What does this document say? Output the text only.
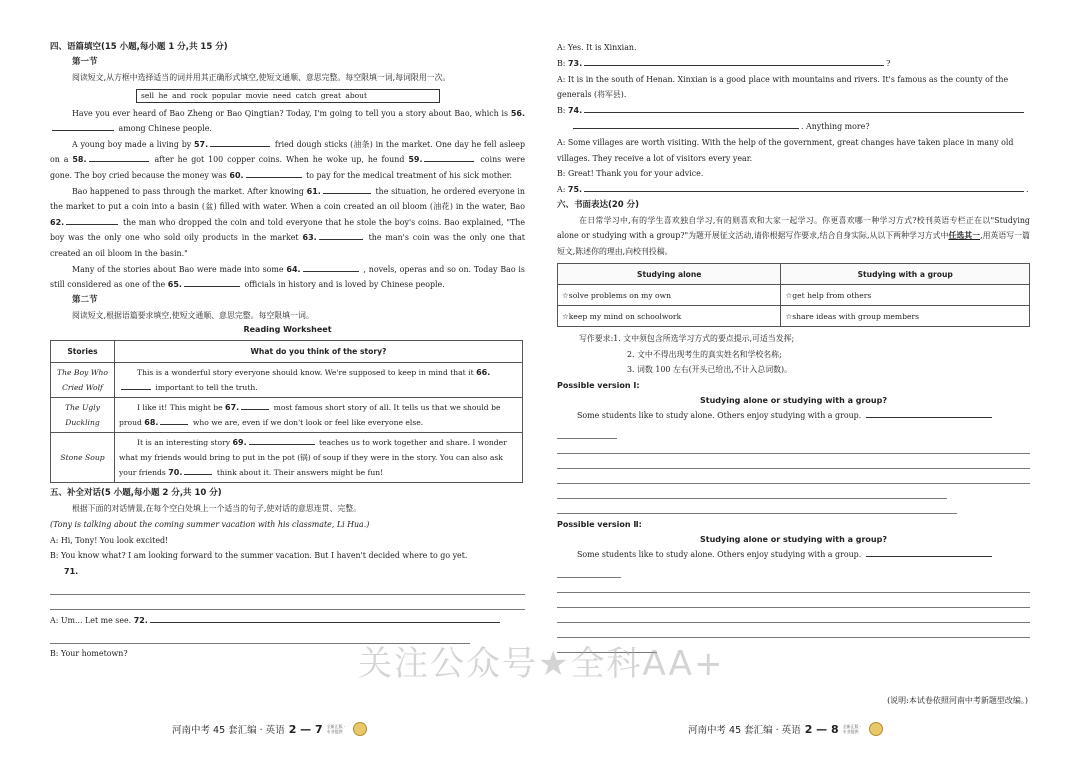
四、语篇填空(15 小题,每小题 1 分,共 15 分)
第一节

阅读短文,从方框中选择适当的词并用其正确形式填空,使短文通顺、意思完整。每空限填一词,每词限用一次。

sell he and rock popular movie need catch great about

Have you ever heard of Bao Zheng or Bao Qingtian? Today, I'm going to tell you a story about Bao, which is 56. among Chinese people.

A young boy made a living by 57.	fried dough sticks (油条) in the market. One day he fell asleep on a 58.	after he got 100 copper coins. When he woke up, he found 59.	coins were gone. The boy cried because the money was 60.	to pay for the medical treatment of his sick mother.

Bao happened to pass through the market. After knowing 61.	the situation, he ordered everyone in the market to put a coin into a basin (盆) filled with water. When a coin created an oil bloom (油花) in the water, Bao 62.	the man who dropped the coin and told everyone that he stole the boy's coins. Bao explained, "The boy was the only one who sold oily products in the market 63.	the man's coin was the only one that created an oil bloom in the basin."

Many of the stories about Bao were made into some 64.	, novels, operas and so on. Today Bao is still considered as one of the 65.	officials in history and is loved by Chinese people.

第二节

阅读短文,根据语篇要求填空,使短文通顺、意思完整。每空限填一词。

Reading Worksheet
Stories	What do you think of the story?
The Boy Who Cried Wolf	This is a wonderful story everyone should know. We're supposed to keep in mind that it 66. important to tell the truth.
The Ugly Duckling	I like it! This might be 67. most famous short story of all. It tells us that we should be proud 68. who we are, even if we don't look or feel like everyone else.
Stone Soup	It is an interesting story 69. teaches us to work together and share. I wonder what my friends would bring to put in the pot (锅) of soup if they were in the story. You can also ask your friends 70. think about it. Their answers might be fun!
五、补全对话(5 小题,每小题 2 分,共 10 分)

根据下面的对话情景,在每个空白处填上一个适当的句子,使对话的意思连贯、完整。

(Tony is talking about the coming summer vacation with his classmate, Li Hua.)

A: Hi, Tony! You look excited!
B: You know what? I am looking forward to the summer vacation. But I haven't decided where to go yet.
71.
A: Um... Let me see. 72.
B: Your hometown?
河南中考 45 套汇编 · 英语 2 — 7 全新正版 · 专业提供
A: Yes. It is Xinxian.
B: 73.	?
A: It is in the south of Henan. Xinxian is a good place with mountains and rivers. It's famous as the county of the generals (将军县).
B: 74.
. Anything more?
A: Some villages are worth visiting. With the help of the government, great changes have taken place in many old villages. They receive a lot of visitors every year.
B: Great! Thank you for your advice.
A: 75.	.
六、书面表达(20 分)

在日常学习中,有的学生喜欢独自学习,有的则喜欢和大家一起学习。你更喜欢哪一种学习方式?校刊英语专栏正在以"Studying alone or studying with a group?"为题开展征文活动,请你根据写作要求,结合自身实际,从以下两种学习方式中任选其一,用英语写一篇短文,陈述你的理由,向校刊投稿。

Studying alone	Studying with a group
☆solve problems on my own	☆get help from others
☆keep my mind on schoolwork	☆share ideas with group members
写作要求:1. 文中须包含所选学习方式的要点提示,可适当发挥;
2. 文中不得出现考生的真实姓名和学校名称;
3. 词数 100 左右(开头已给出,不计入总词数)。
Possible version Ⅰ:
Studying alone or studying with a group?
Some students like to study alone. Others enjoy studying with a group.
Possible version Ⅱ:
Studying alone or studying with a group?
Some students like to study alone. Others enjoy studying with a group.
(说明:本试卷依照河南中考新题型改编。)
河南中考 45 套汇编 · 英语 2 — 8 全新正版 · 专业提供
关注公众号★全科AA+
